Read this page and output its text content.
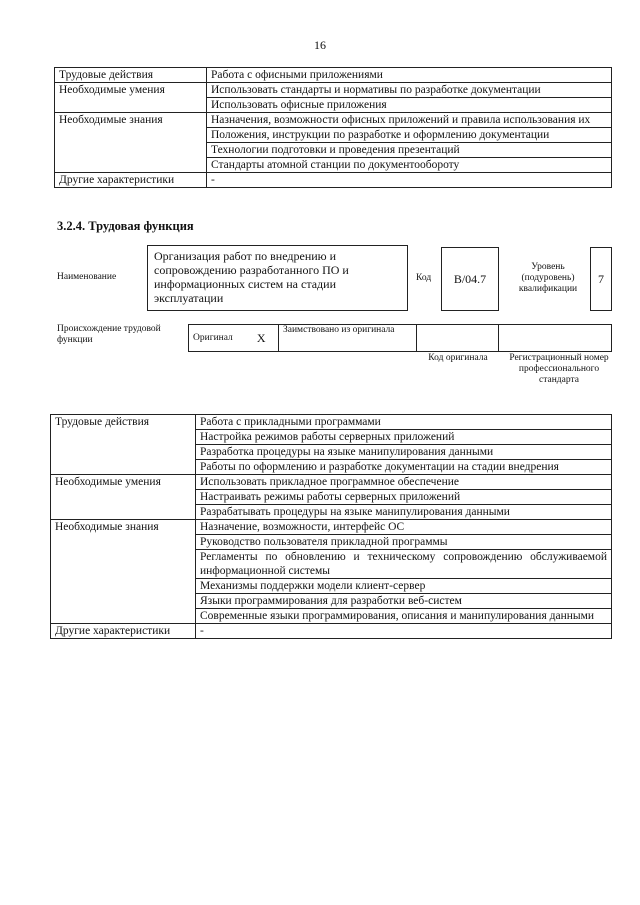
16
Трудовые действия	Работа с офисными приложениями
Необходимые умения	Использовать стандарты и нормативы по разработке документации
	Использовать офисные приложения
Необходимые знания	Назначения, возможности офисных приложений и правила использования их
	Положения, инструкции по разработке и оформлению документации
	Технологии подготовки и проведения презентаций
	Стандарты атомной станции по документообороту
Другие характеристики	-
3.2.4. Трудовая функция
Наименование
Организация работ по внедрению и сопровождению разработанного ПО и информационных систем на стадии эксплуатации
Код B/04.7
Уровень (подуровень) квалификации
7
Происхождение трудовой функции	Оригинал	X	Заимствовано из оригинала		
Код оригинала	Регистрационный номер профессионального стандарта
Трудовые действия	Работа с прикладными программами
	Настройка режимов работы серверных приложений
	Разработка процедуры на языке манипулирования данными
	Работы по оформлению и разработке документации на стадии внедрения
Необходимые умения	Использовать прикладное программное обеспечение
	Настраивать режимы работы серверных приложений
	Разрабатывать процедуры на языке манипулирования данными
Необходимые знания	Назначение, возможности, интерфейс ОС
	Руководство пользователя прикладной программы
	Регламенты по обновлению и техническому сопровождению обслуживаемой информационной системы
	Механизмы поддержки модели клиент-сервер
	Языки программирования для разработки веб-систем
	Современные языки программирования, описания и манипулирования данными
Другие характеристики	-
